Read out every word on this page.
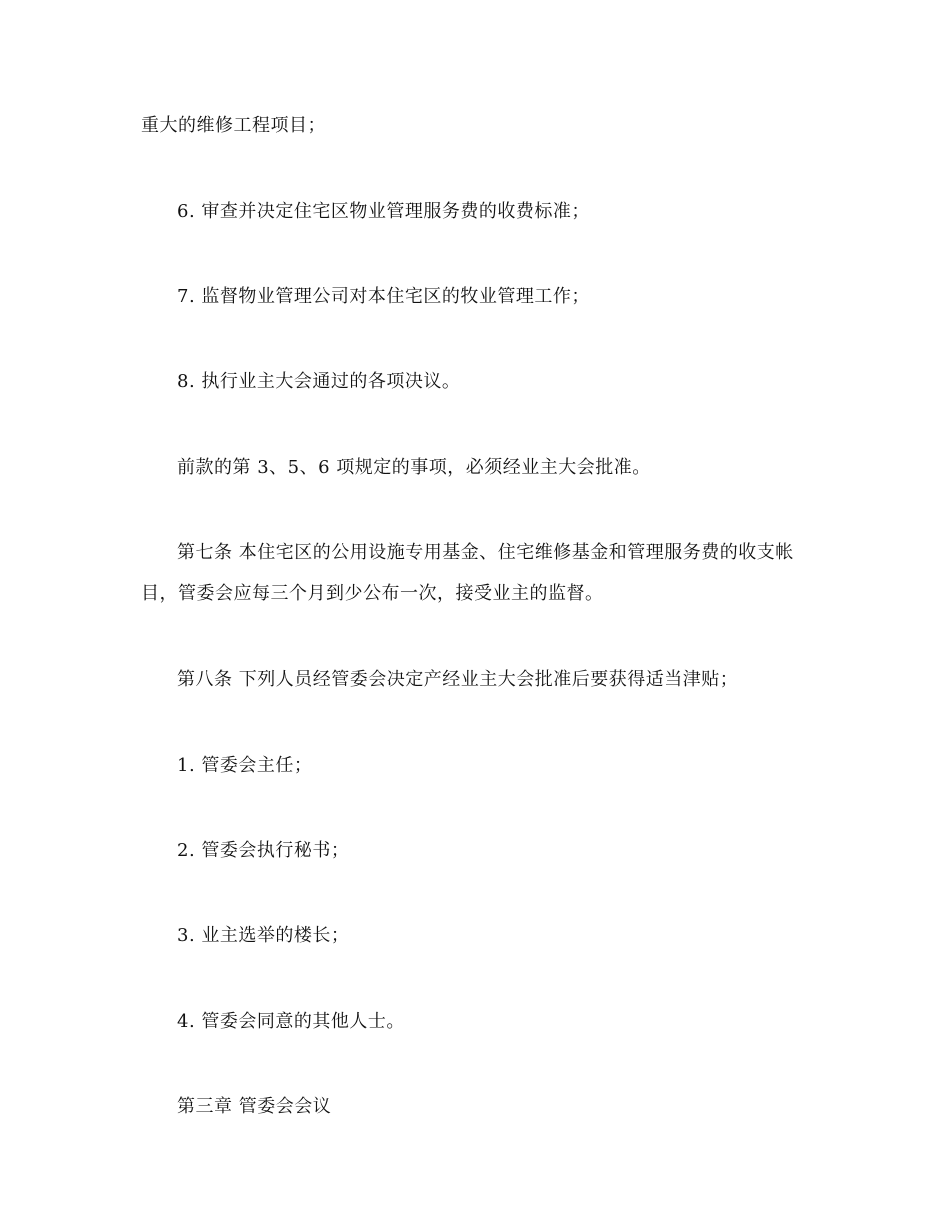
重大的维修工程项目；
6. 审查并决定住宅区物业管理服务费的收费标准；
7. 监督物业管理公司对本住宅区的牧业管理工作；
8. 执行业主大会通过的各项决议。
前款的第 3、5、6 项规定的事项，必须经业主大会批准。
第七条 本住宅区的公用设施专用基金、住宅维修基金和管理服务费的收支帐
目，管委会应每三个月到少公布一次，接受业主的监督。
第八条 下列人员经管委会决定产经业主大会批准后要获得适当津贴；
1. 管委会主任；
2. 管委会执行秘书；
3. 业主选举的楼长；
4. 管委会同意的其他人士。
第三章 管委会会议
